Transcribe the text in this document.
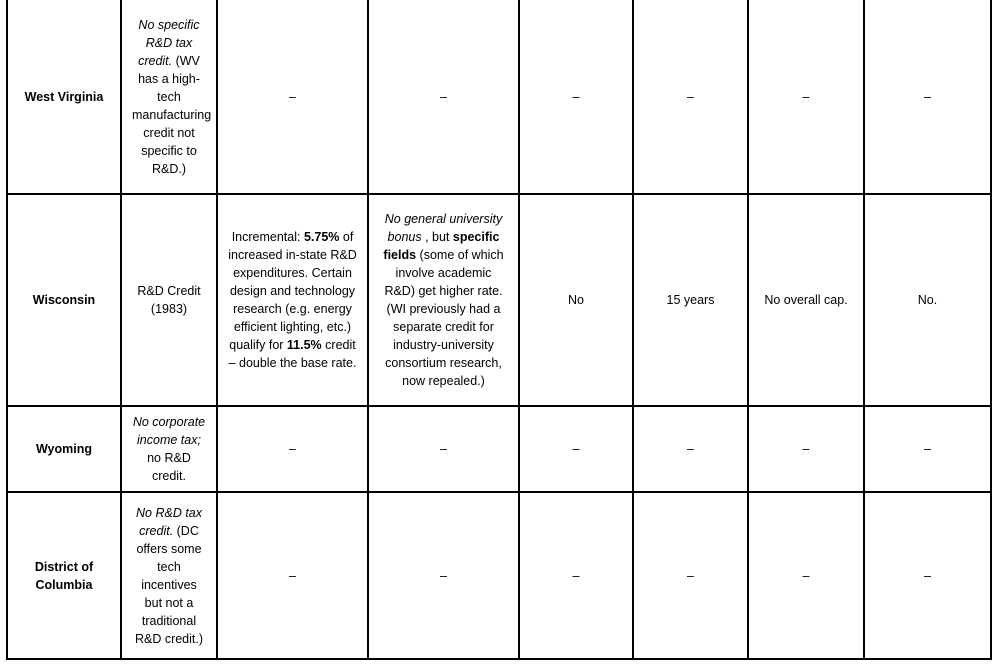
West Virginia	No specific R&D tax credit. (WV has a high-tech manufacturing credit not specific to R&D.)	–	–	–	–	–	–
Wisconsin	R&D Credit (1983)	Incremental: 5.75% of increased in-state R&D expenditures. Certain design and technology research (e.g. energy efficient lighting, etc.) qualify for 11.5% credit – double the base rate.	No general university bonus , but specific fields (some of which involve academic R&D) get higher rate. (WI previously had a separate credit for industry-university consortium research, now repealed.)	No	15 years	No overall cap.	No.
Wyoming	No corporate income tax; no R&D credit.	–	–	–	–	–	–
District of Columbia	No R&D tax credit. (DC offers some tech incentives but not a traditional R&D credit.)	–	–	–	–	–	–
